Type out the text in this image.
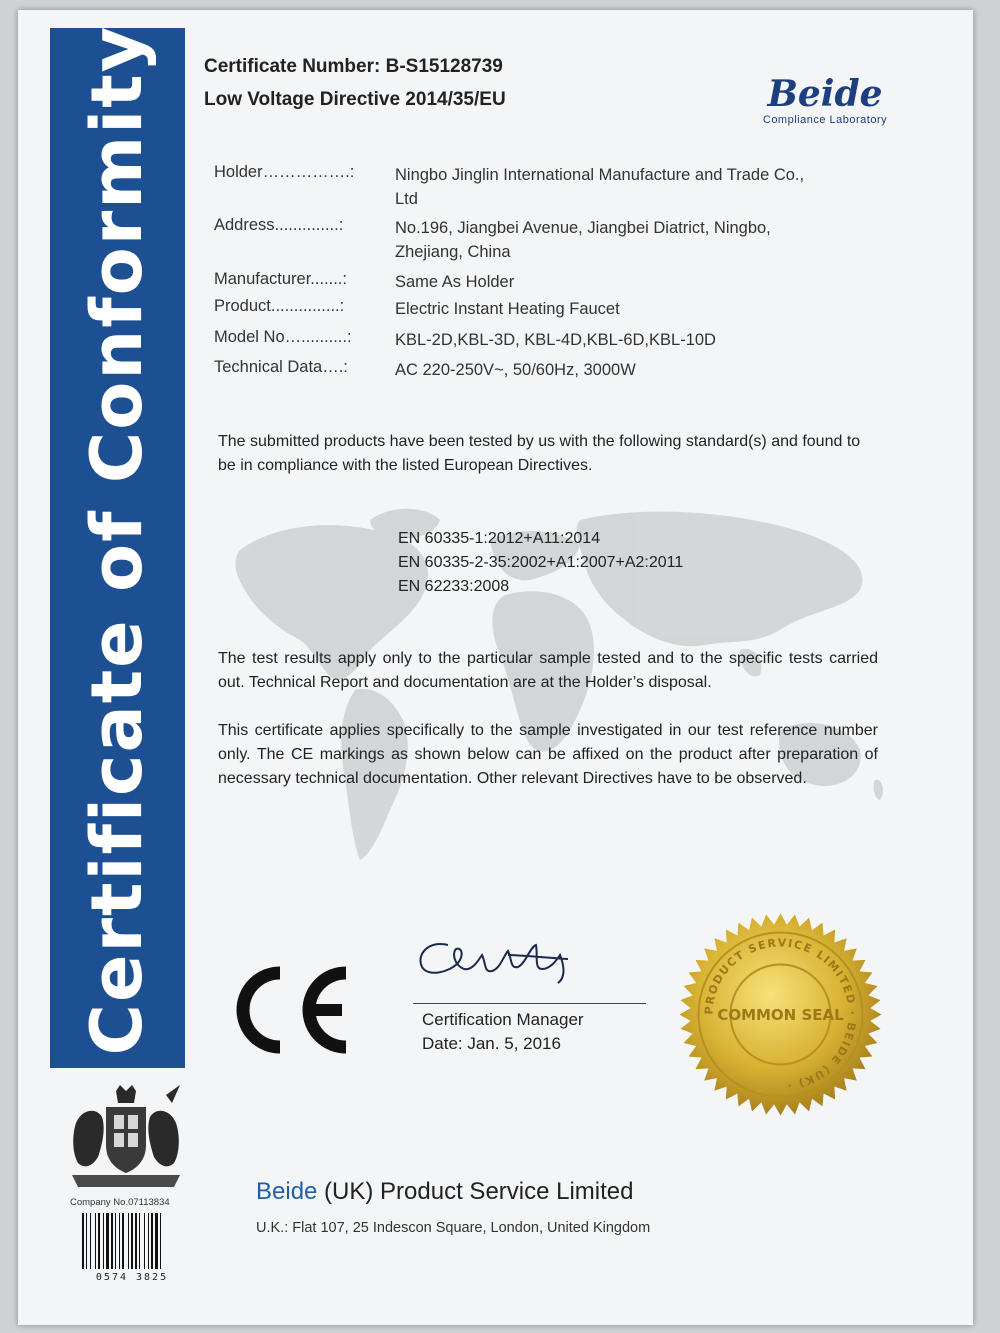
Certificate of Conformity Certificate Number: B-S15128739
Low Voltage Directive 2014/35/EU	Beide
Compliance Laboratory
Holder…………….: Ningbo Jinglin International Manufacture and Trade Co., Ltd
Address..............:	No.196, Jiangbei Avenue, Jiangbei Diatrict, Ningbo, Zhejiang, China
Manufacturer.......:	Same As Holder
Product...............:	Electric Instant Heating Faucet
Model No…..........:	KBL-2D,KBL-3D, KBL-4D,KBL-6D,KBL-10D
Technical Data….:	AC 220-250V~, 50/60Hz, 3000W
The submitted products have been tested by us with the following standard(s) and found to be in compliance with the listed European Directives.
EN 60335-1:2012+A11:2014
EN 60335-2-35:2002+A1:2007+A2:2011
EN 62233:2008
The test results apply only to the particular sample tested and to the specific tests carried out. Technical Report and documentation are at the Holder’s disposal.
This certificate applies specifically to the sample investigated in our test reference number only. The CE markings as shown below can be affixed on the product after preparation of necessary technical documentation. Other relevant Directives have to be observed.
Certification Manager
Date: Jan. 5, 2016
PRODUCT SERVICE LIMITED · BEIDE (UK) ·
COMMON SEAL
Company No.07113834
0574 3825
Beide (UK) Product Service Limited
U.K.: Flat 107, 25 Indescon Square, London, United Kingdom
